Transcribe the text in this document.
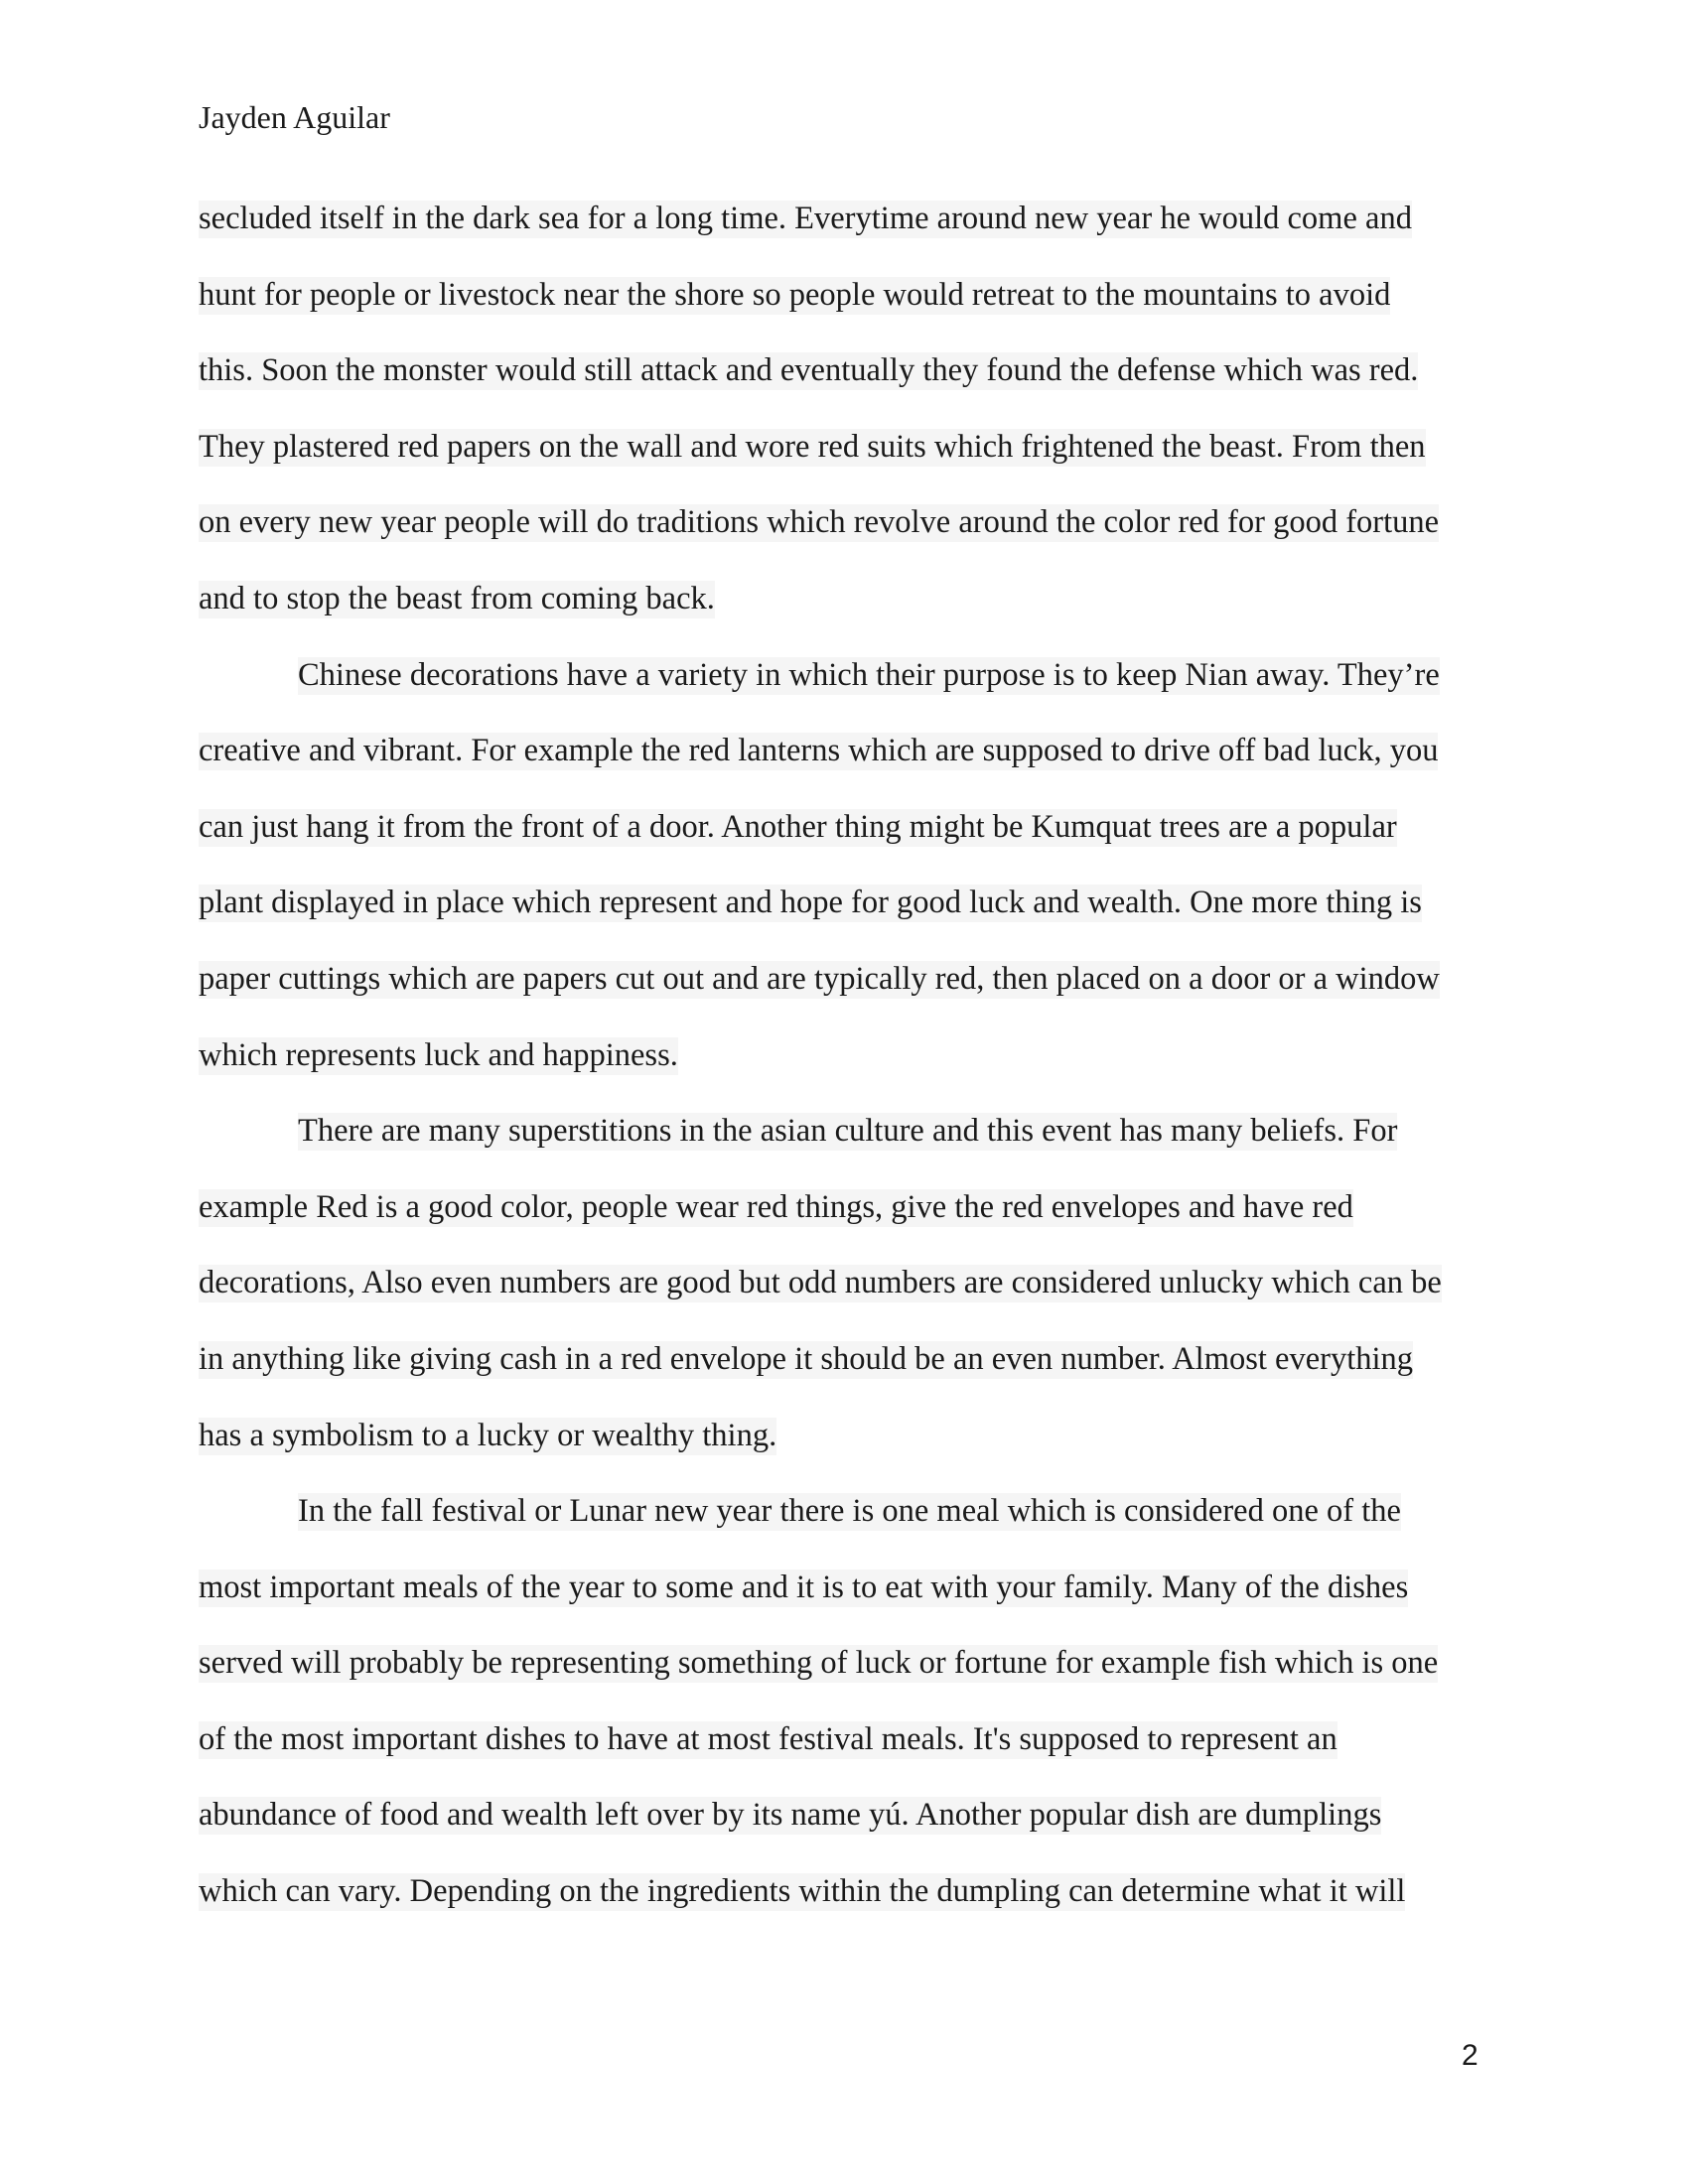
Jayden Aguilar
secluded itself in the dark sea for a long time. Everytime around new year he would come and
hunt for people or livestock near the shore so people would retreat to the mountains to avoid
this. Soon the monster would still attack and eventually they found the defense which was red.
They plastered red papers on the wall and wore red suits which frightened the beast. From then
on every new year people will do traditions which revolve around the color red for good fortune
and to stop the beast from coming back.
Chinese decorations have a variety in which their purpose is to keep Nian away. They’re
creative and vibrant. For example the red lanterns which are supposed to drive off bad luck, you
can just hang it from the front of a door. Another thing might be Kumquat trees are a popular
plant displayed in place which represent and hope for good luck and wealth. One more thing is
paper cuttings which are papers cut out and are typically red, then placed on a door or a window
which represents luck and happiness.
There are many superstitions in the asian culture and this event has many beliefs. For
example Red is a good color, people wear red things, give the red envelopes and have red
decorations, Also even numbers are good but odd numbers are considered unlucky which can be
in anything like giving cash in a red envelope it should be an even number. Almost everything
has a symbolism to a lucky or wealthy thing.
In the fall festival or Lunar new year there is one meal which is considered one of the
most important meals of the year to some and it is to eat with your family. Many of the dishes
served will probably be representing something of luck or fortune for example fish which is one
of the most important dishes to have at most festival meals. It's supposed to represent an
abundance of food and wealth left over by its name yú. Another popular dish are dumplings
which can vary. Depending on the ingredients within the dumpling can determine what it will
2
